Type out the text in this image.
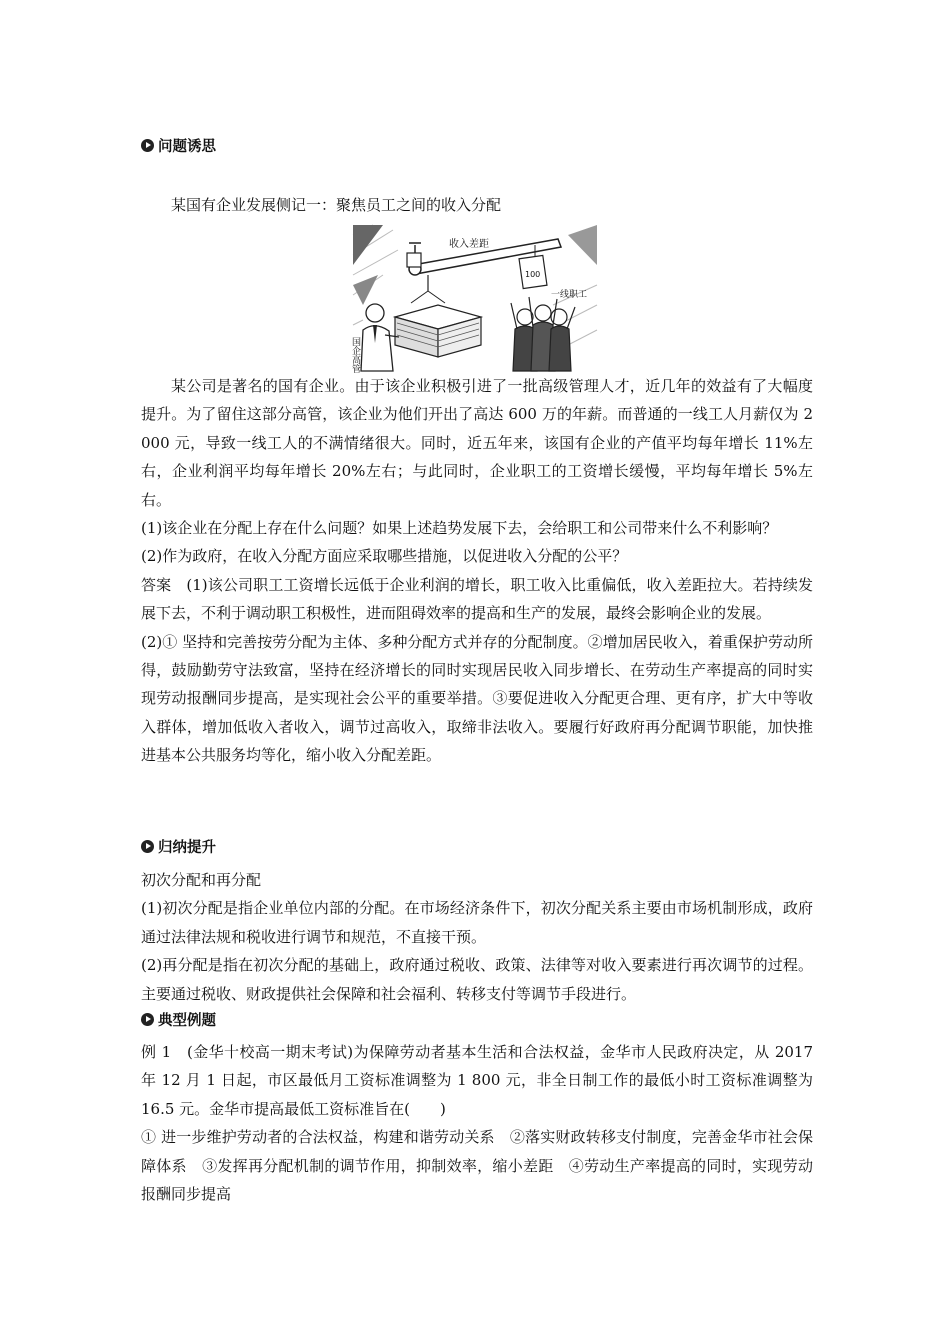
问题诱思

某国有企业发展侧记一：聚焦员工之间的收入分配

收入差距
100
国企高管
一线职工

某公司是著名的国有企业。由于该企业积极引进了一批高级管理人才，近几年的效益有了大幅度提升。为了留住这部分高管，该企业为他们开出了高达 600 万的年薪。而普通的一线工人月薪仅为 2 000 元，导致一线工人的不满情绪很大。同时，近五年来，该国有企业的产值平均每年增长 11%左右，企业利润平均每年增长 20%左右；与此同时，企业职工的工资增长缓慢，平均每年增长 5%左右。

(1)该企业在分配上存在什么问题？如果上述趋势发展下去，会给职工和公司带来什么不利影响？

(2)作为政府，在收入分配方面应采取哪些措施，以促进收入分配的公平？

答案　(1)该公司职工工资增长远低于企业利润的增长，职工收入比重偏低，收入差距拉大。若持续发展下去，不利于调动职工积极性，进而阻碍效率的提高和生产的发展，最终会影响企业的发展。

(2)① 坚持和完善按劳分配为主体、多种分配方式并存的分配制度。②增加居民收入，着重保护劳动所得，鼓励勤劳守法致富，坚持在经济增长的同时实现居民收入同步增长、在劳动生产率提高的同时实现劳动报酬同步提高，是实现社会公平的重要举措。③要促进收入分配更合理、更有序，扩大中等收入群体，增加低收入者收入，调节过高收入，取缔非法收入。要履行好政府再分配调节职能，加快推进基本公共服务均等化，缩小收入分配差距。

归纳提升

初次分配和再分配

(1)初次分配是指企业单位内部的分配。在市场经济条件下，初次分配关系主要由市场机制形成，政府通过法律法规和税收进行调节和规范，不直接干预。

(2)再分配是指在初次分配的基础上，政府通过税收、政策、法律等对收入要素进行再次调节的过程。主要通过税收、财政提供社会保障和社会福利、转移支付等调节手段进行。

典型例题

例 1　(金华十校高一期末考试)为保障劳动者基本生活和合法权益，金华市人民政府决定，从 2017 年 12 月 1 日起，市区最低月工资标准调整为 1 800 元，非全日制工作的最低小时工资标准调整为 16.5 元。金华市提高最低工资标准旨在(　　)

① 进一步维护劳动者的合法权益，构建和谐劳动关系　②落实财政转移支付制度，完善金华市社会保障体系　③发挥再分配机制的调节作用，抑制效率，缩小差距　④劳动生产率提高的同时，实现劳动报酬同步提高
